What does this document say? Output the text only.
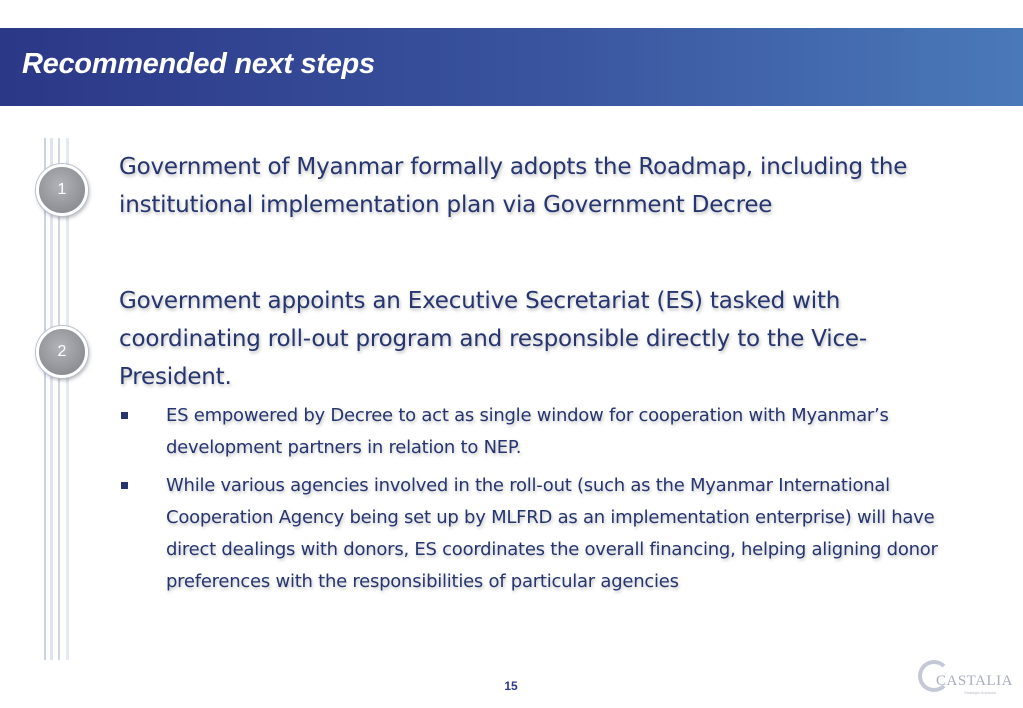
Recommended next steps
1
2
Government of Myanmar formally adopts the Roadmap, including the institutional implementation plan via Government Decree
Government appoints an Executive Secretariat (ES) tasked with coordinating roll-out program and responsible directly to the Vice-President.
ES empowered by Decree to act as single window for cooperation with Myanmar’s development partners in relation to NEP.
While various agencies involved in the roll-out (such as the Myanmar International Cooperation Agency being set up by MLFRD as an implementation enterprise) will have direct dealings with donors, ES coordinates the overall financing, helping aligning donor preferences with the responsibilities of particular agencies
15	CASTALIA
Strategic Advisors
